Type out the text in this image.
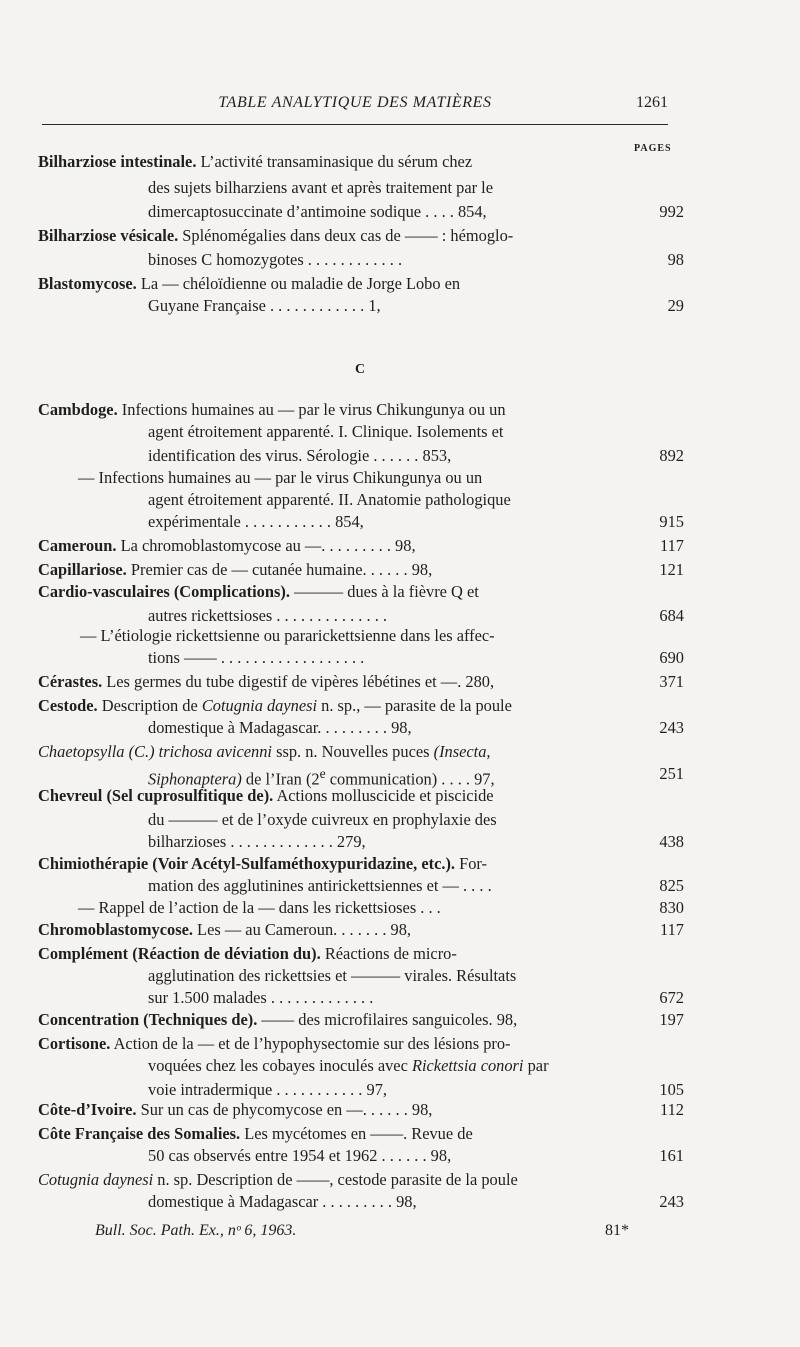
TABLE ANALYTIQUE DES MATIÈRES	1261
PAGES
C
Bilharziose intestinale. L’activité transaminasique du sérum chez
des sujets bilharziens avant et après traitement par le
dimercaptosuccinate d’antimoine sodique . . . . 854,	992
Bilharziose vésicale. Splénomégalies dans deux cas de —— : hémoglo-
binoses C homozygotes . . . . . . . . . . . .	98
Blastomycose. La — chéloïdienne ou maladie de Jorge Lobo en
Guyane Française . . . . . . . . . . . . 1,	29
Cambdoge. Infections humaines au — par le virus Chikungunya ou un
agent étroitement apparenté. I. Clinique. Isolements et
identification des virus. Sérologie . . . . . . 853,	892
— Infections humaines au — par le virus Chikungunya ou un
agent étroitement apparenté. II. Anatomie pathologique
expérimentale . . . . . . . . . . . 854,	915
Cameroun. La chromoblastomycose au —. . . . . . . . . 98,	117
Capillariose. Premier cas de — cutanée humaine. . . . . . 98,	121
Cardio-vasculaires (Complications). ——— dues à la fièvre Q et
autres rickettsioses . . . . . . . . . . . . . .	684
— L’étiologie rickettsienne ou pararickettsienne dans les affec-
tions —— . . . . . . . . . . . . . . . . . .	690
Cérastes. Les germes du tube digestif de vipères lébétines et —. 280,	371
Cestode. Description de Cotugnia daynesi n. sp., — parasite de la poule
domestique à Madagascar. . . . . . . . . 98,	243
Chaetopsylla (C.) trichosa avicenni ssp. n. Nouvelles puces (Insecta,
Siphonaptera) de l’Iran (2e communication) . . . . 97,	251
Chevreul (Sel cuprosulfitique de). Actions molluscicide et piscicide
du ——— et de l’oxyde cuivreux en prophylaxie des
bilharzioses . . . . . . . . . . . . . 279,	438
Chimiothérapie (Voir Acétyl-Sulfaméthoxypuridazine, etc.). For-
mation des agglutinines antirickettsiennes et — . . . .	825
— Rappel de l’action de la — dans les rickettsioses . . .	830
Chromoblastomycose. Les — au Cameroun. . . . . . . 98,	117
Complément (Réaction de déviation du). Réactions de micro-
agglutination des rickettsies et ——— virales. Résultats
sur 1.500 malades . . . . . . . . . . . . .	672
Concentration (Techniques de). —— des microfilaires sanguicoles. 98,	197
Cortisone. Action de la — et de l’hypophysectomie sur des lésions pro-
voquées chez les cobayes inoculés avec Rickettsia conori par
voie intradermique . . . . . . . . . . . 97,	105
Côte-d’Ivoire. Sur un cas de phycomycose en —. . . . . . 98,	112
Côte Française des Somalies. Les mycétomes en ——. Revue de
50 cas observés entre 1954 et 1962 . . . . . . 98,	161
Cotugnia daynesi n. sp. Description de ——, cestode parasite de la poule
domestique à Madagascar . . . . . . . . . 98,	243
Bull. Soc. Path. Ex., nᵒ 6, 1963.	81*
